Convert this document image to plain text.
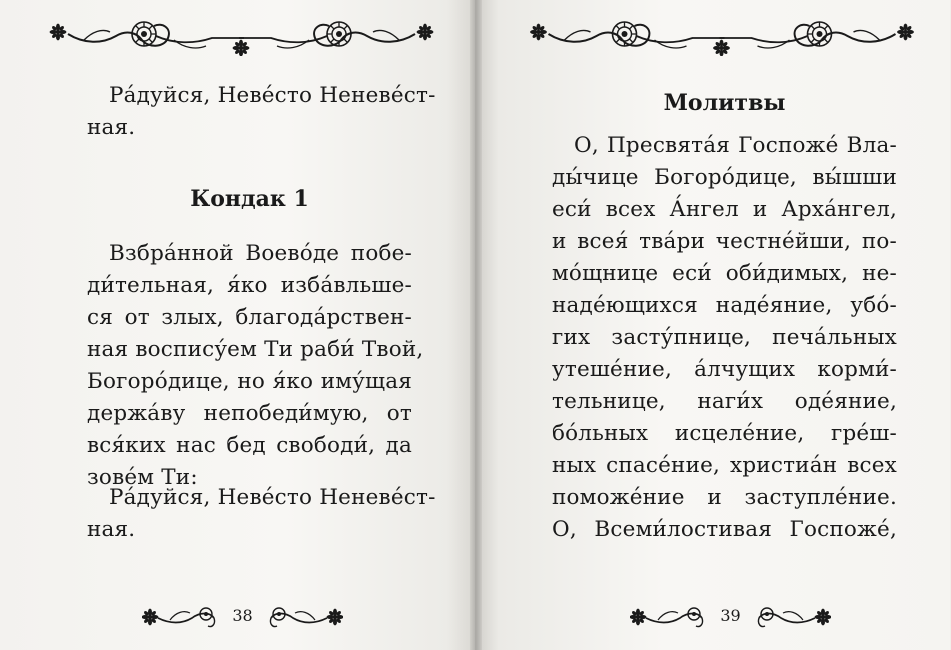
Ра́дуйся, Неве́сто Неневе́ст-
ная.
Кондак 1
Взбра́нной Воево́де побе-
ди́тельная, я́ко избáвльше-
ся от злых, благода́рствен-
ная воспису́ем Ти раби́ Твой,
Богоро́дице, но я́ко иму́щая
держа́ву непобеди́мую, от
вся́ких нас бед свободи́, да
зове́м Ти:
Ра́дуйся, Неве́сто Неневе́ст-
ная.
38
Молитвы
О, Пресвята́я Госпоже́ Вла-
ды́чице Богоро́дице, вы́шши
еси́ всех А́нгел и Арха́нгел,
и всея́ тва́ри честне́йши, по-
мо́щнице еси́ оби́димых, не-
наде́ющихся наде́яние, убо́-
гих засту́пнице, печа́льных
утеше́ние, а́лчущих корми́-
тельнице, наги́х оде́яние,
бо́льных исцеле́ние, гре́ш-
ных спасе́ние, христиа́н всех
поможе́ние и заступле́ние.
О, Всеми́лостивая Госпоже́,
39
